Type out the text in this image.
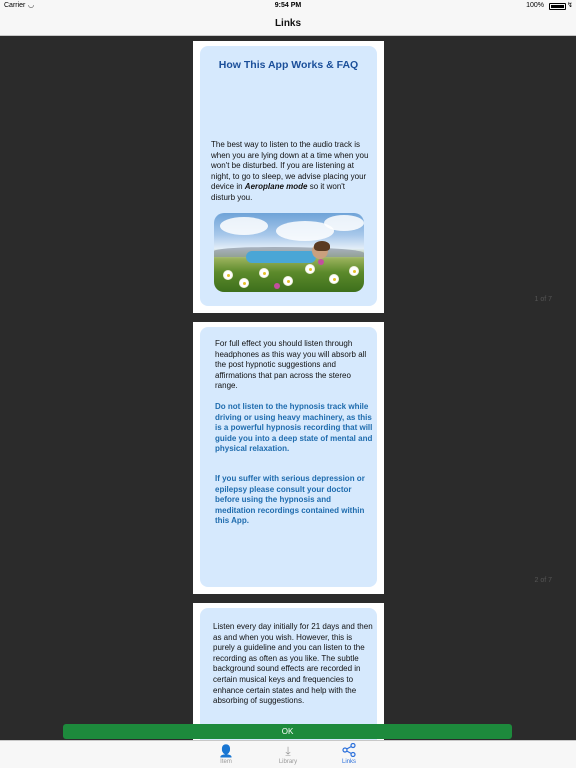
Carrier ◡	9:54 PM	100%	↯
Links
How This App Works & FAQ
The best way to listen to the audio track is when you are lying down at a time when you won't be disturbed. If you are listening at night, to go to sleep, we advise placing your device in Aeroplane mode so it won't disturb you.
1 of 7
For full effect you should listen through headphones as this way you will absorb all the post hypnotic suggestions and affirmations that pan across the stereo range.
Do not listen to the hypnosis track while driving or using heavy machinery, as this is a powerful hypnosis recording that will guide you into a deep state of mental and physical relaxation.
If you suffer with serious depression or epilepsy please consult your doctor before using the hypnosis and meditation recordings contained within this App.
2 of 7
Listen every day initially for 21 days and then as and when you wish. However, this is purely a guideline and you can listen to the recording as often as you like. The subtle background sound effects are recorded in certain musical keys and frequencies to enhance certain states and help with the absorbing of suggestions.
OK
👤
Item
⤓
Library	Links
